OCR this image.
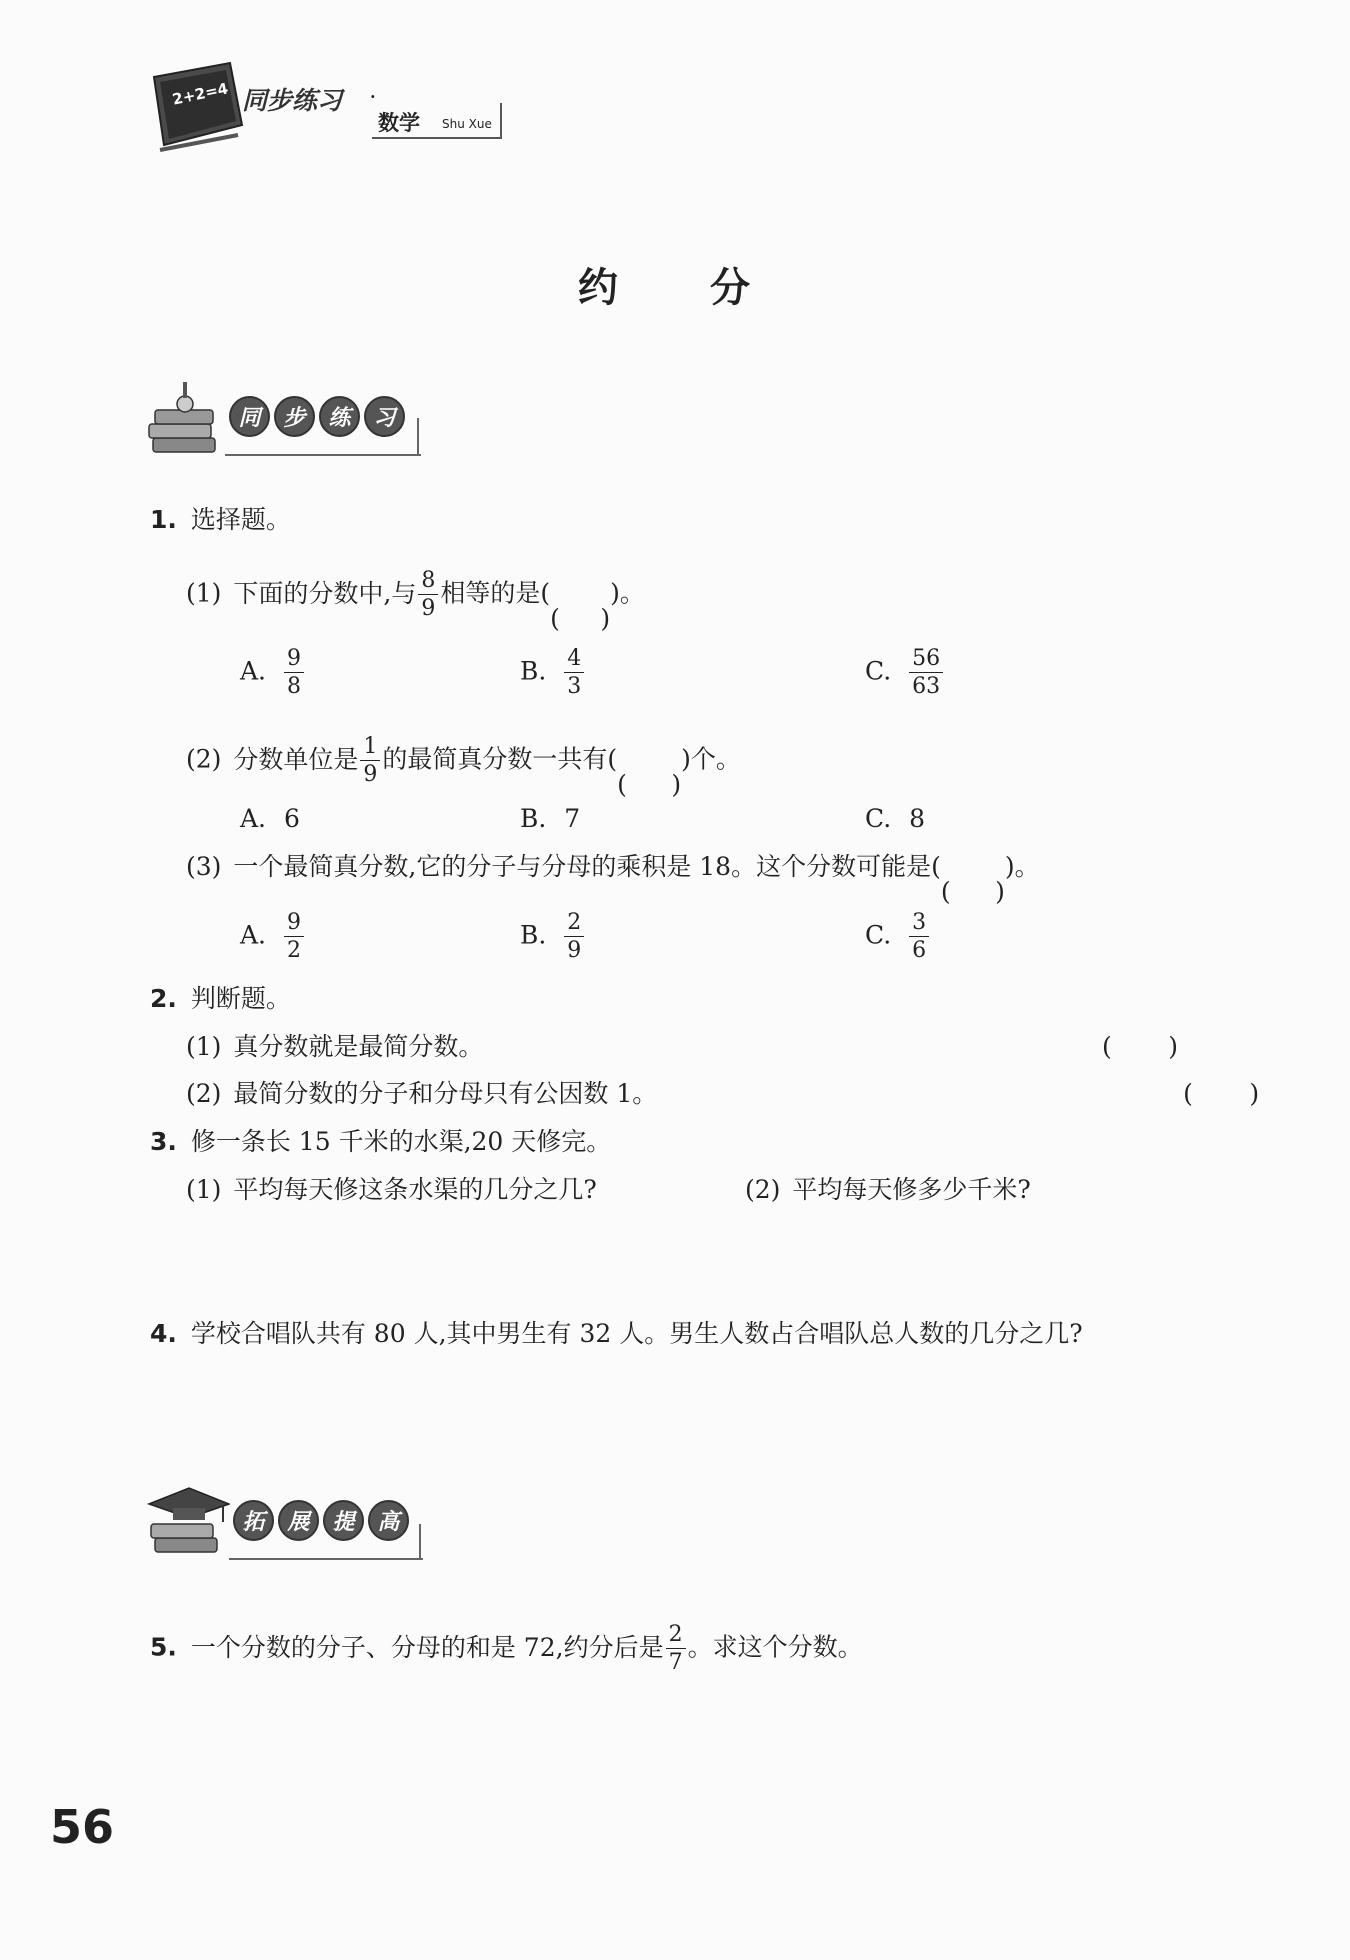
2+2=4 同步练习 ·
数学 Shu Xue
约 分
同	步	练	习
1. 选择题。
(1) 下面的分数中,与 $\frac{8}{9}$ 相等的是( )。
A. $\frac{9}{8}$	B. $\frac{4}{3}$	C. $\frac{56}{63}$
(2) 分数单位是 $\frac{1}{9}$ 的最简真分数一共有(	)个。
A. 6	B. 7	C. 8
(3) 一个最简真分数,它的分子与分母的乘积是 18。这个分数可能是(	)。
A. $\frac{9}{2}$	B. $\frac{2}{9}$	C. $\frac{3}{6}$
2. 判断题。
(1) 真分数就是最简分数。
( )
(2) 最简分数的分子和分母只有公因数 1。
( )
3. 修一条长 15 千米的水渠,20 天修完。
(1) 平均每天修这条水渠的几分之几?	(2) 平均每天修多少千米?
4. 学校合唱队共有 80 人,其中男生有 32 人。男生人数占合唱队总人数的几分之几?
拓	展	提	高
5. 一个分数的分子、分母的和是 72,约分后是 $\frac{2}{7}$ 。求这个分数。
56
